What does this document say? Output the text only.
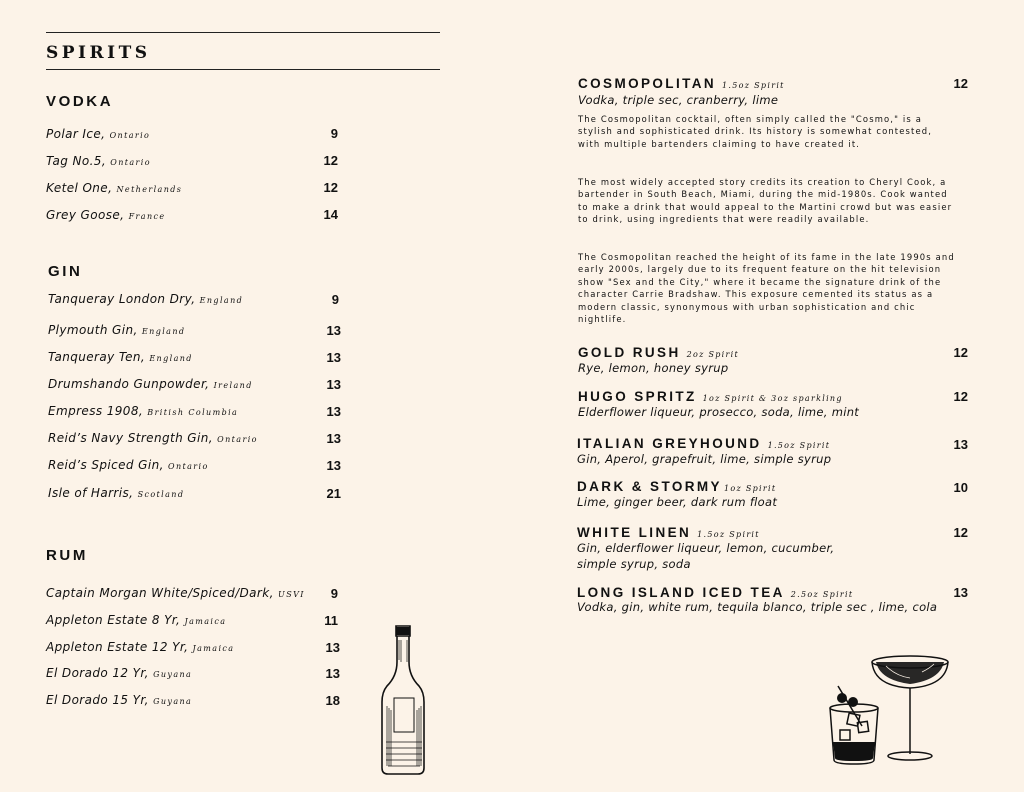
SPIRITS
VODKA
Polar Ice, Ontario	9
Tag No.5, Ontario	12
Ketel One, Netherlands	12
Grey Goose, France	14
GIN
Tanqueray London Dry, England	9
Plymouth Gin, England	13
Tanqueray Ten, England	13
Drumshando Gunpowder, Ireland	13
Empress 1908, British Columbia	13
Reid’s Navy Strength Gin, Ontario	13
Reid’s Spiced Gin, Ontario	13
Isle of Harris, Scotland	21
RUM
Captain Morgan White/Spiced/Dark, USVI	9
Appleton Estate 8 Yr, Jamaica	11
Appleton Estate 12 Yr, Jamaica	13
El Dorado 12 Yr, Guyana	13
El Dorado 15 Yr, Guyana	18
COSMOPOLITAN 1.5oz Spirit	12
Vodka, triple sec, cranberry, lime
The Cosmopolitan cocktail, often simply called the "Cosmo," is a stylish and sophisticated drink. Its history is somewhat contested, with multiple bartenders claiming to have created it.
The most widely accepted story credits its creation to Cheryl Cook, a bartender in South Beach, Miami, during the mid-1980s. Cook wanted to make a drink that would appeal to the Martini crowd but was easier to drink, using ingredients that were readily available.
The Cosmopolitan reached the height of its fame in the late 1990s and early 2000s, largely due to its frequent feature on the hit television show "Sex and the City," where it became the signature drink of the character Carrie Bradshaw. This exposure cemented its status as a modern classic, synonymous with urban sophistication and chic nightlife.
GOLD RUSH 2oz Spirit	12
Rye, lemon, honey syrup
HUGO SPRITZ 1oz Spirit & 3oz sparkling	12
Elderflower liqueur, prosecco, soda, lime, mint
ITALIAN GREYHOUND 1.5oz Spirit	13
Gin, Aperol, grapefruit, lime, simple syrup
DARK & STORMY 1oz Spirit	10
Lime, ginger beer, dark rum float
WHITE LINEN 1.5oz Spirit	12
Gin, elderflower liqueur, lemon, cucumber, simple syrup, soda
LONG ISLAND ICED TEA 2.5oz Spirit	13
Vodka, gin, white rum, tequila blanco, triple sec , lime, cola
